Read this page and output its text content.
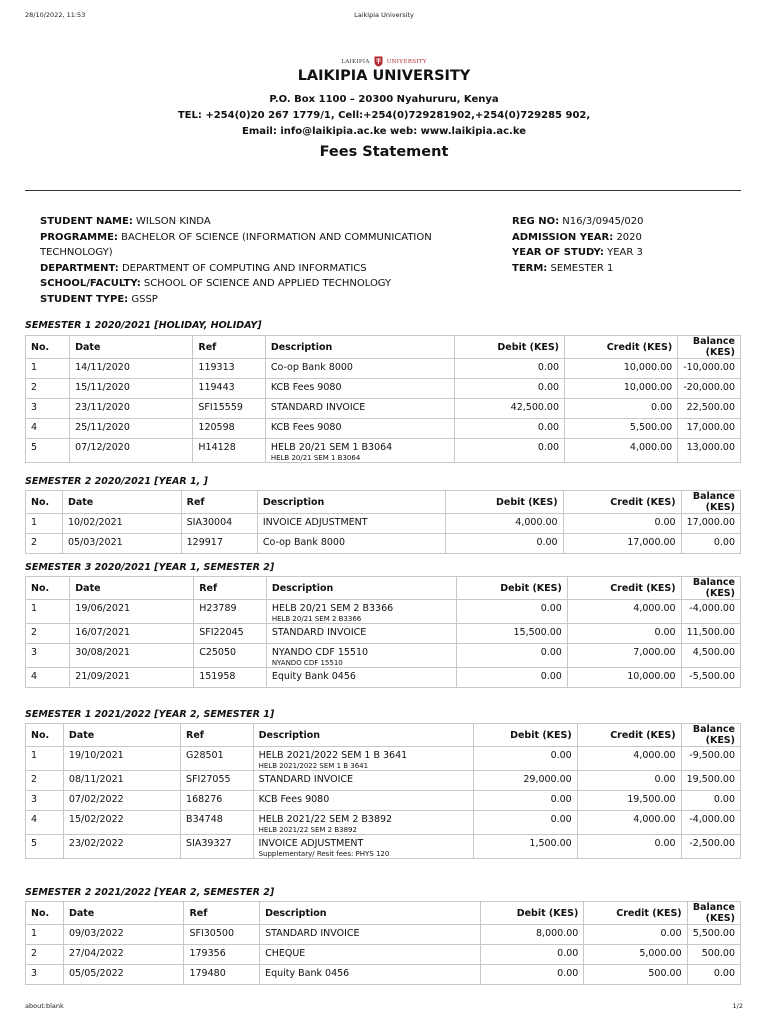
28/10/2022, 11:53	Laikipia University
LAIKIPIA	UNIVERSITY
LAIKIPIA UNIVERSITY
P.O. Box 1100 – 20300 Nyahururu, Kenya
TEL: +254(0)20 267 1779/1, Cell:+254(0)729281902,+254(0)729285 902,
Email: info@laikipia.ac.ke web: www.laikipia.ac.ke
Fees Statement
STUDENT NAME: WILSON KINDA
PROGRAMME: BACHELOR OF SCIENCE (INFORMATION AND COMMUNICATION TECHNOLOGY)
DEPARTMENT: DEPARTMENT OF COMPUTING AND INFORMATICS
SCHOOL/FACULTY: SCHOOL OF SCIENCE AND APPLIED TECHNOLOGY
STUDENT TYPE: GSSP
REG NO: N16/3/0945/020
ADMISSION YEAR: 2020
YEAR OF STUDY: YEAR 3
TERM: SEMESTER 1
SEMESTER 1 2020/2021 [HOLIDAY, HOLIDAY]
No.	Date	Ref	Description	Debit (KES)	Credit (KES)	Balance (KES)
1	14/11/2020	119313	Co-op Bank 8000	0.00	10,000.00	-10,000.00
2	15/11/2020	119443	KCB Fees 9080	0.00	10,000.00	-20,000.00
3	23/11/2020	SFI15559	STANDARD INVOICE	42,500.00	0.00	22,500.00
4	25/11/2020	120598	KCB Fees 9080	0.00	5,500.00	17,000.00
5	07/12/2020	H14128	HELB 20/21 SEM 1 B3064
HELB 20/21 SEM 1 B3064	0.00	4,000.00	13,000.00
SEMESTER 2 2020/2021 [YEAR 1, ]
No.	Date	Ref	Description	Debit (KES)	Credit (KES)	Balance (KES)
1	10/02/2021	SIA30004	INVOICE ADJUSTMENT	4,000.00	0.00	17,000.00
2	05/03/2021	129917	Co-op Bank 8000	0.00	17,000.00	0.00
SEMESTER 3 2020/2021 [YEAR 1, SEMESTER 2]
No.	Date	Ref	Description	Debit (KES)	Credit (KES)	Balance (KES)
1	19/06/2021	H23789	HELB 20/21 SEM 2 B3366
HELB 20/21 SEM 2 B3366	0.00	4,000.00	-4,000.00
2	16/07/2021	SFI22045	STANDARD INVOICE	15,500.00	0.00	11,500.00
3	30/08/2021	C25050	NYANDO CDF 15510
NYANDO CDF 15510	0.00	7,000.00	4,500.00
4	21/09/2021	151958	Equity Bank 0456	0.00	10,000.00	-5,500.00
SEMESTER 1 2021/2022 [YEAR 2, SEMESTER 1]
No.	Date	Ref	Description	Debit (KES)	Credit (KES)	Balance (KES)
1	19/10/2021	G28501	HELB 2021/2022 SEM 1 B 3641
HELB 2021/2022 SEM 1 B 3641	0.00	4,000.00	-9,500.00
2	08/11/2021	SFI27055	STANDARD INVOICE	29,000.00	0.00	19,500.00
3	07/02/2022	168276	KCB Fees 9080	0.00	19,500.00	0.00
4	15/02/2022	B34748	HELB 2021/22 SEM 2 B3892
HELB 2021/22 SEM 2 B3892	0.00	4,000.00	-4,000.00
5	23/02/2022	SIA39327	INVOICE ADJUSTMENT
Supplementary/ Resit fees: PHYS 120	1,500.00	0.00	-2,500.00
SEMESTER 2 2021/2022 [YEAR 2, SEMESTER 2]
No.	Date	Ref	Description	Debit (KES)	Credit (KES)	Balance (KES)
1	09/03/2022	SFI30500	STANDARD INVOICE	8,000.00	0.00	5,500.00
2	27/04/2022	179356	CHEQUE	0.00	5,000.00	500.00
3	05/05/2022	179480	Equity Bank 0456	0.00	500.00	0.00
about:blank	1/2
